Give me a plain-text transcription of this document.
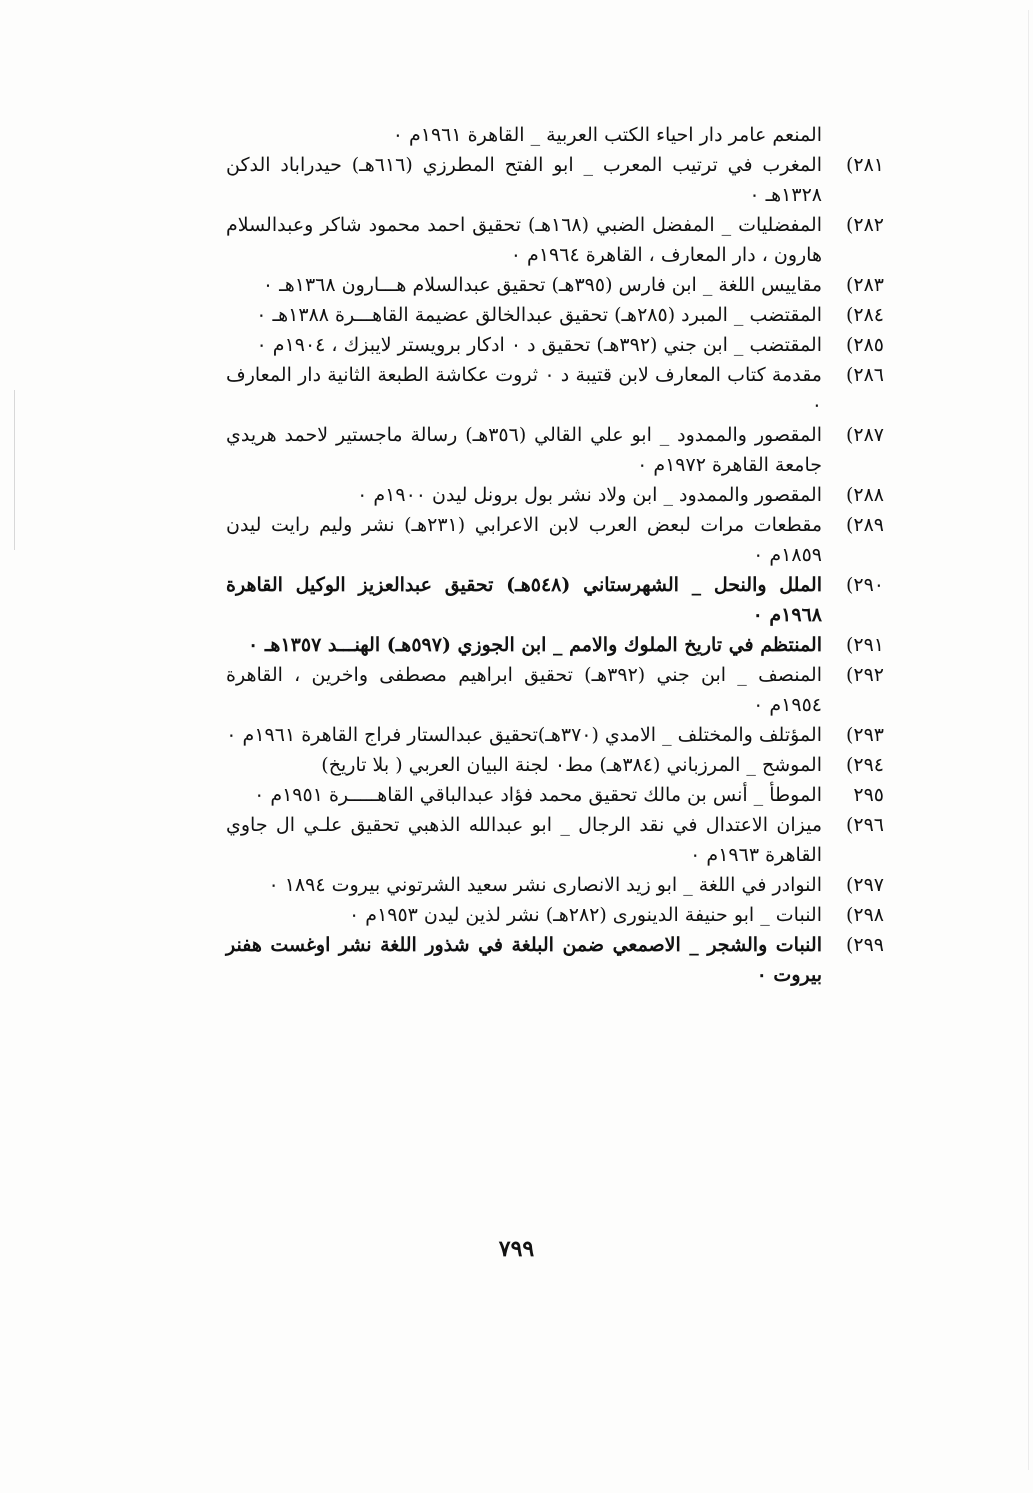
المنعم عامر دار احياء الكتب العربية _ القاهرة ١٩٦١م ٠
٢٨١)
المغرب في ترتيب المعرب _ ابو الفتح المطرزي (٦١٦هـ) حيدراباد الدكن ١٣٢٨هـ ٠
٢٨٢)
المفضليات _ المفضل الضبي (١٦٨هـ) تحقيق احمد محمود شاكر وعبدالسلام هارون ، دار المعارف ، القاهرة ١٩٦٤م ٠
٢٨٣)
مقاييس اللغة _ ابن فارس (٣٩٥هـ) تحقيق عبدالسلام هـــارون ١٣٦٨هـ ٠
٢٨٤)
المقتضب _ المبرد (٢٨٥هـ) تحقيق عبدالخالق عضيمة القاهـــرة ١٣٨٨هـ ٠
٢٨٥)
المقتضب _ ابن جني (٣٩٢هـ) تحقيق د ٠ ادكار برويستر لايبزك ، ١٩٠٤م ٠
٢٨٦)
مقدمة كتاب المعارف لابن قتيبة د ٠ ثروت عكاشة الطبعة الثانية دار المعارف ٠
٢٨٧)
المقصور والممدود _ ابو علي القالي (٣٥٦هـ) رسالة ماجستير لاحمد هريدي جامعة القاهرة ١٩٧٢م ٠
٢٨٨)
المقصور والممدود _ ابن ولاد نشر بول برونل ليدن ١٩٠٠م ٠
٢٨٩)
مقطعات مرات لبعض العرب لابن الاعرابي (٢٣١هـ) نشر وليم رايت ليدن ١٨٥٩م ٠
٢٩٠)
الملل والنحل _ الشهرستاني (٥٤٨هـ) تحقيق عبدالعزيز الوكيل القاهرة ١٩٦٨م ٠
٢٩١)
المنتظم في تاريخ الملوك والامم _ ابن الجوزي (٥٩٧هـ) الهنـــد ١٣٥٧هـ ٠
٢٩٢)
المنصف _ ابن جني (٣٩٢هـ) تحقيق ابراهيم مصطفى واخرين ، القاهرة ١٩٥٤م ٠
٢٩٣)
المؤتلف والمختلف _ الامدي (٣٧٠هـ)تحقيق عبدالستار فراج القاهرة ١٩٦١م ٠
٢٩٤)
الموشح _ المرزباني (٣٨٤هـ) مط٠ لجنة البيان العربي ( بلا تاريخ)
٢٩٥
الموطأ _ أنس بن مالك تحقيق محمد فؤاد عبدالباقي القاهـــــرة ١٩٥١م ٠
٢٩٦)
ميزان الاعتدال في نقد الرجال _ ابو عبدالله الذهبي تحقيق علـي ال جاوي القاهرة ١٩٦٣م ٠
٢٩٧)
النوادر في اللغة _ ابو زيد الانصارى نشر سعيد الشرتوني بيروت ١٨٩٤ ٠
٢٩٨)
النبات _ ابو حنيفة الدينورى (٢٨٢هـ) نشر لذين ليدن ١٩٥٣م ٠
٢٩٩)
النبات والشجر _ الاصمعي ضمن البلغة في شذور اللغة نشر اوغست هفنر بيروت ٠
٧٩٩
